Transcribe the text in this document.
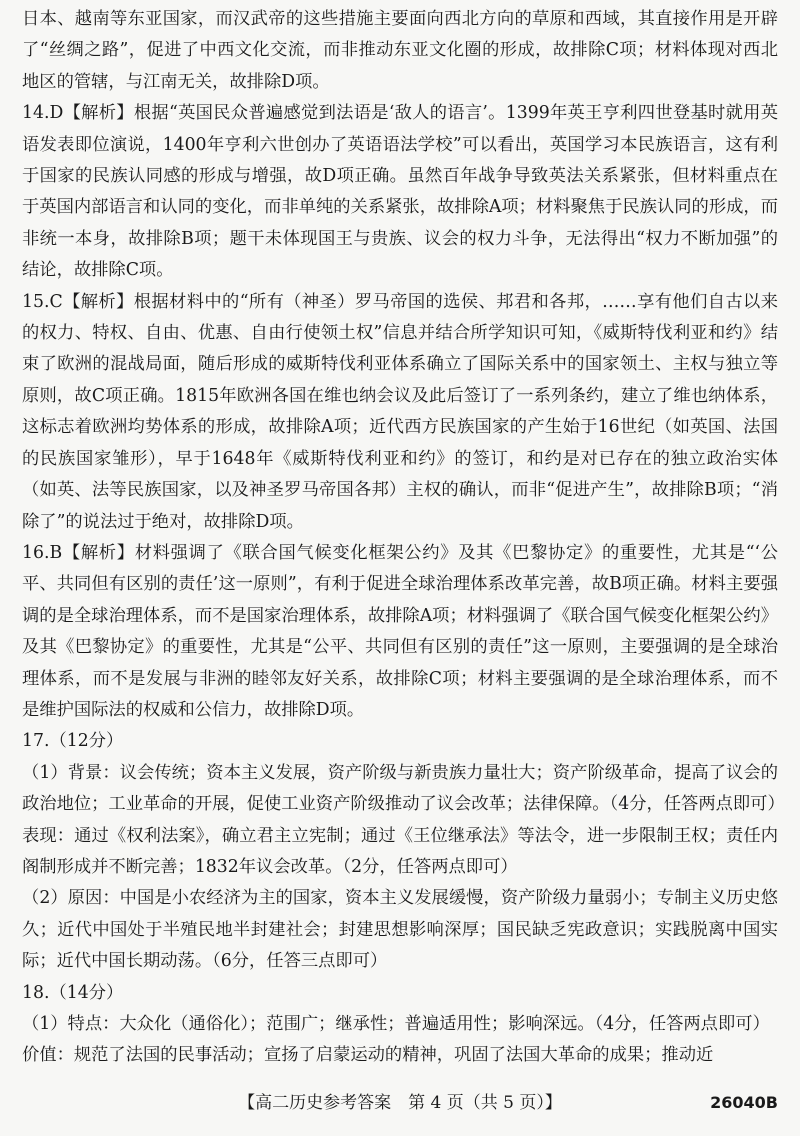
日本、越南等东亚国家，而汉武帝的这些措施主要面向西北方向的草原和西域，其直接作用是开辟了“丝绸之路”，促进了中西文化交流，而非推动东亚文化圈的形成，故排除C项；材料体现对西北地区的管辖，与江南无关，故排除D项。

14.D【解析】根据“英国民众普遍感觉到法语是‘敌人的语言’。1399年英王亨利四世登基时就用英语发表即位演说，1400年亨利六世创办了英语语法学校”可以看出，英国学习本民族语言，这有利于国家的民族认同感的形成与增强，故D项正确。虽然百年战争导致英法关系紧张，但材料重点在于英国内部语言和认同的变化，而非单纯的关系紧张，故排除A项；材料聚焦于民族认同的形成，而非统一本身，故排除B项；题干未体现国王与贵族、议会的权力斗争，无法得出“权力不断加强”的结论，故排除C项。

15.C【解析】根据材料中的“所有（神圣）罗马帝国的选侯、邦君和各邦，……享有他们自古以来的权力、特权、自由、优惠、自由行使领土权”信息并结合所学知识可知，《威斯特伐利亚和约》结束了欧洲的混战局面，随后形成的威斯特伐利亚体系确立了国际关系中的国家领土、主权与独立等原则，故C项正确。1815年欧洲各国在维也纳会议及此后签订了一系列条约，建立了维也纳体系，这标志着欧洲均势体系的形成，故排除A项；近代西方民族国家的产生始于16世纪（如英国、法国的民族国家雏形），早于1648年《威斯特伐利亚和约》的签订，和约是对已存在的独立政治实体（如英、法等民族国家，以及神圣罗马帝国各邦）主权的确认，而非“促进产生”，故排除B项；“消除了”的说法过于绝对，故排除D项。

16.B【解析】材料强调了《联合国气候变化框架公约》及其《巴黎协定》的重要性，尤其是“‘公平、共同但有区别的责任’这一原则”，有利于促进全球治理体系改革完善，故B项正确。材料主要强调的是全球治理体系，而不是国家治理体系，故排除A项；材料强调了《联合国气候变化框架公约》及其《巴黎协定》的重要性，尤其是“公平、共同但有区别的责任”这一原则，主要强调的是全球治理体系，而不是发展与非洲的睦邻友好关系，故排除C项；材料主要强调的是全球治理体系，而不是维护国际法的权威和公信力，故排除D项。

17.（12分）

（1）背景：议会传统；资本主义发展，资产阶级与新贵族力量壮大；资产阶级革命，提高了议会的政治地位；工业革命的开展，促使工业资产阶级推动了议会改革；法律保障。（4分，任答两点即可）

表现：通过《权利法案》，确立君主立宪制；通过《王位继承法》等法令，进一步限制王权；责任内阁制形成并不断完善；1832年议会改革。（2分，任答两点即可）

（2）原因：中国是小农经济为主的国家，资本主义发展缓慢，资产阶级力量弱小；专制主义历史悠久；近代中国处于半殖民地半封建社会；封建思想影响深厚；国民缺乏宪政意识；实践脱离中国实际；近代中国长期动荡。（6分，任答三点即可）

18.（14分）

（1）特点：大众化（通俗化）；范围广；继承性；普遍适用性；影响深远。（4分，任答两点即可）

价值：规范了法国的民事活动；宣扬了启蒙运动的精神，巩固了法国大革命的成果；推动近

【高二历史参考答案　第 4 页（共 5 页）】	26040B
